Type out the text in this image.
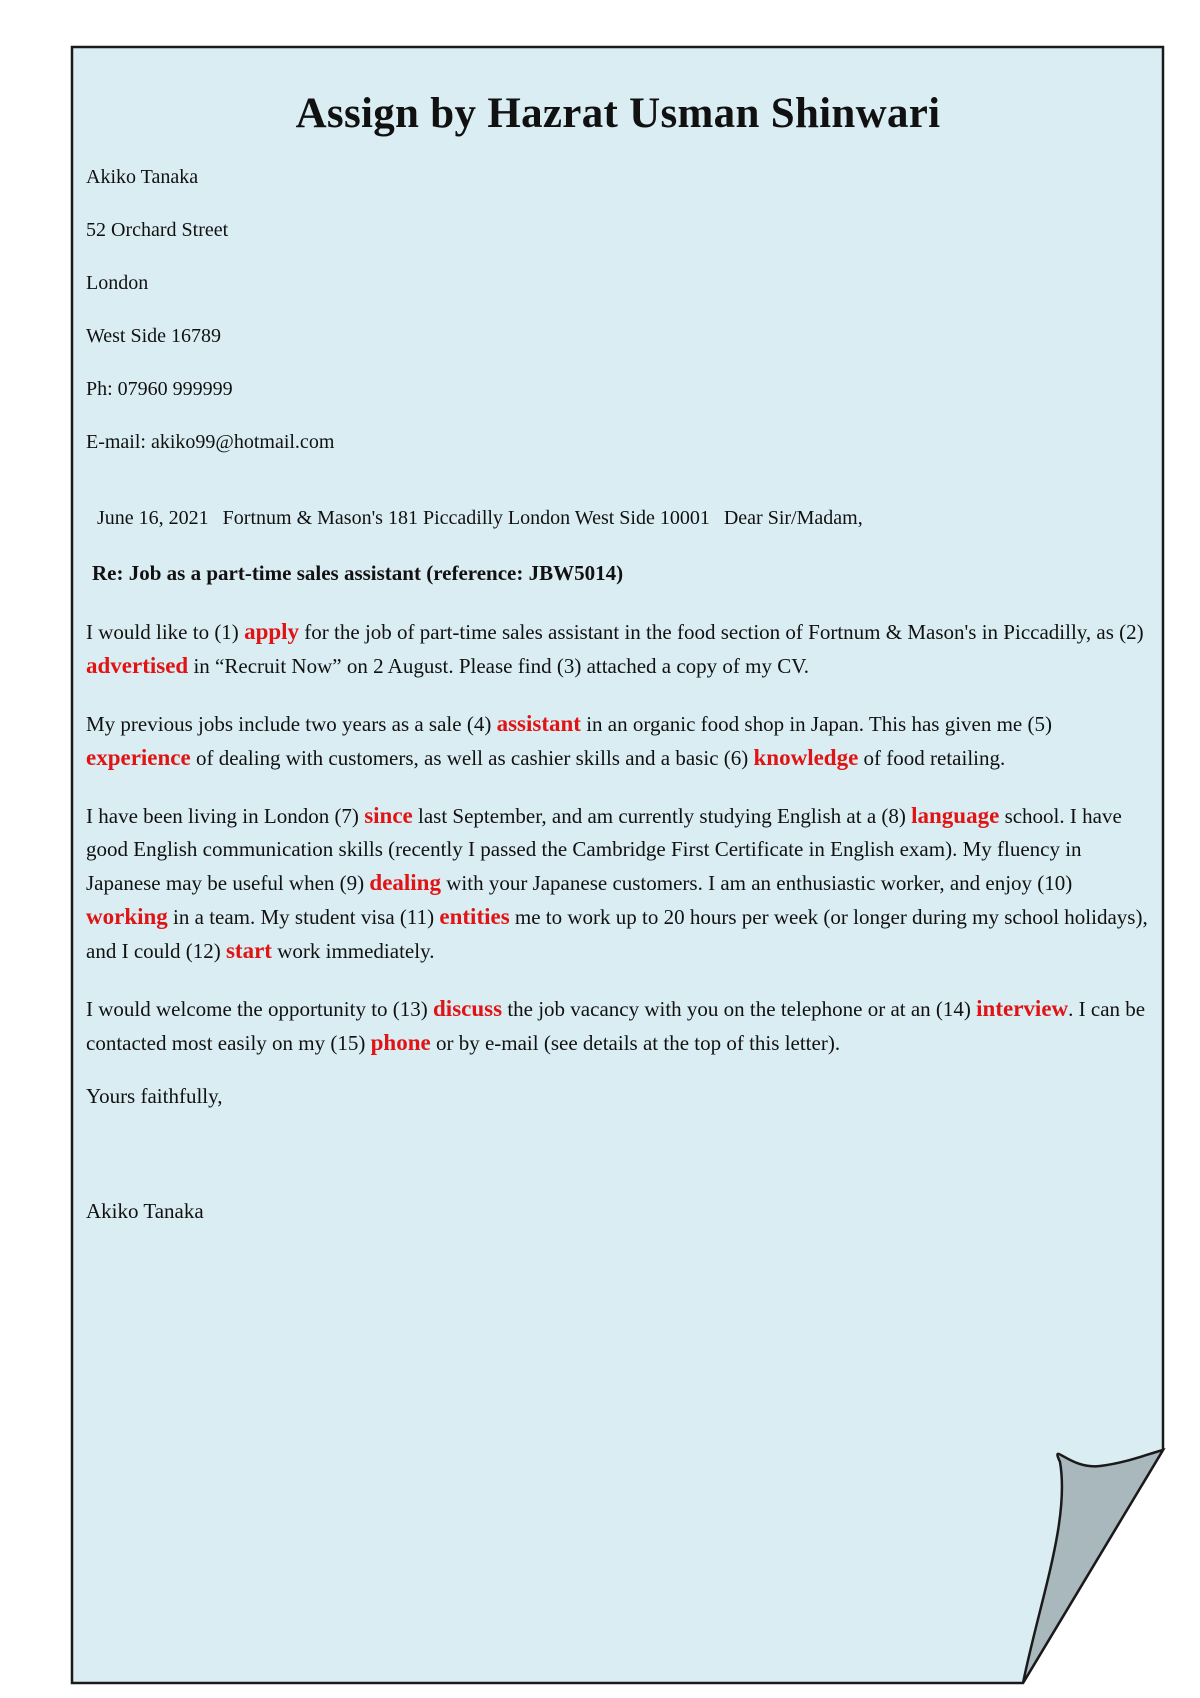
Assign by Hazrat Usman Shinwari
Akiko Tanaka
52 Orchard Street
London
West Side 16789
Ph: 07960 999999
E-mail: akiko99@hotmail.com
June 16, 2021 Fortnum & Mason's 181 Piccadilly London West Side 10001 Dear Sir/Madam,
Re: Job as a part-time sales assistant (reference: JBW5014)

I would like to (1) apply for the job of part-time sales assistant in the food section of Fortnum & Mason's in Piccadilly, as (2) advertised in “Recruit Now” on 2 August. Please find (3) attached a copy of my CV.

My previous jobs include two years as a sale (4) assistant in an organic food shop in Japan. This has given me (5) experience of dealing with customers, as well as cashier skills and a basic (6) knowledge of food retailing.

I have been living in London (7) since last September, and am currently studying English at a (8) language school. I have good English communication skills (recently I passed the Cambridge First Certificate in English exam). My fluency in Japanese may be useful when (9) dealing with your Japanese customers. I am an enthusiastic worker, and enjoy (10) working in a team. My student visa (11) entities me to work up to 20 hours per week (or longer during my school holidays), and I could (12) start work immediately.

I would welcome the opportunity to (13) discuss the job vacancy with you on the telephone or at an (14) interview. I can be contacted most easily on my (15) phone or by e-mail (see details at the top of this letter).

Yours faithfully,
Akiko Tanaka
